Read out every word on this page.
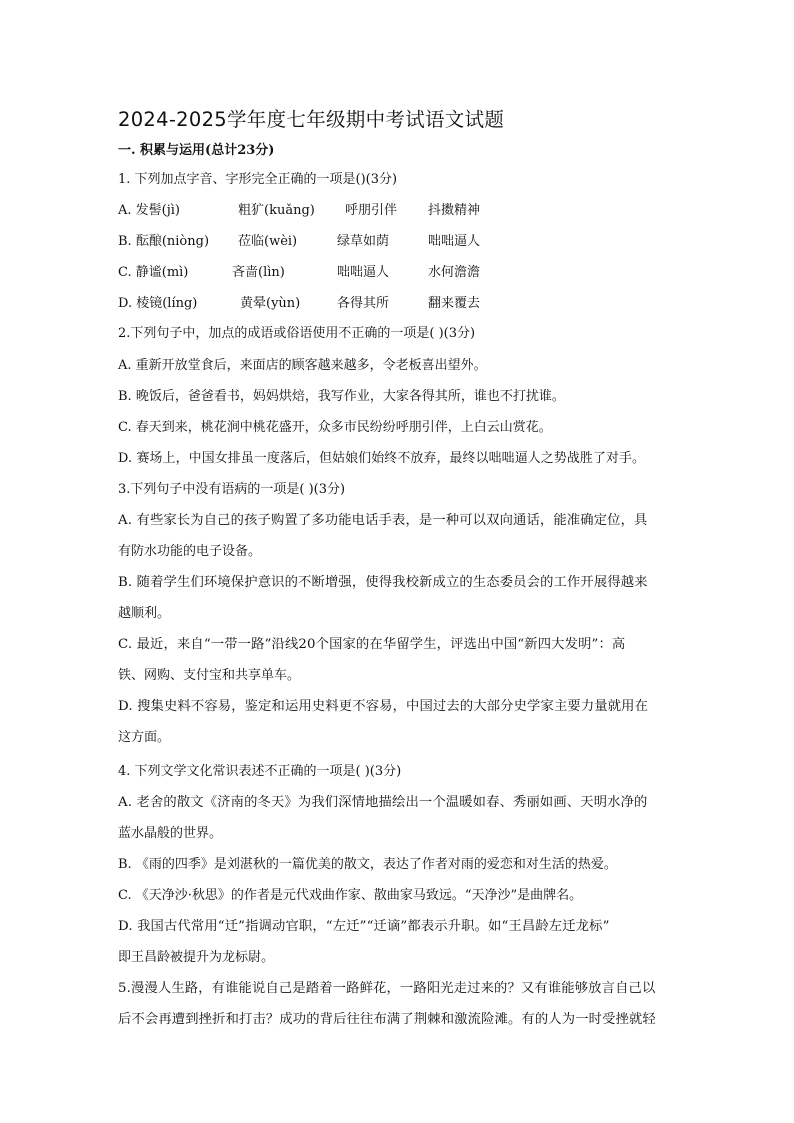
2024-2025学年度七年级期中考试语文试题
一. 积累与运用(总计23分)
1. 下列加点字音、字形完全正确的一项是()(3分)
A. 发髻(jì)	粗犷(kuǎng) 呼朋引伴 抖擞精神
B. 酝酿(niòng) 莅临(wèi)	绿草如荫	咄咄逼人
C. 静谧(mì)	吝啬(lìn)	咄咄逼人	水何澹澹
D. 棱镜(líng)	黄晕(yùn)	各得其所	翻来覆去
2.下列句子中，加点的成语或俗语使用不正确的一项是( )(3分)
A. 重新开放堂食后，来面店的顾客越来越多，令老板喜出望外。
B. 晚饭后，爸爸看书，妈妈烘焙，我写作业，大家各得其所，谁也不打扰谁。
C. 春天到来，桃花涧中桃花盛开，众多市民纷纷呼朋引伴，上白云山赏花。
D. 赛场上，中国女排虽一度落后，但姑娘们始终不放弃，最终以咄咄逼人之势战胜了对手。
3.下列句子中没有语病的一项是( )(3分)
A. 有些家长为自己的孩子购置了多功能电话手表，是一种可以双向通话，能准确定位，具
有防水功能的电子设备。
B. 随着学生们环境保护意识的不断增强，使得我校新成立的生态委员会的工作开展得越来
越顺利。
C. 最近，来自“一带一路”沿线20个国家的在华留学生，评选出中国“新四大发明”：高
铁、网购、支付宝和共享单车。
D. 搜集史料不容易，鉴定和运用史料更不容易，中国过去的大部分史学家主要力量就用在
这方面。
4. 下列文学文化常识表述不正确的一项是( )(3分)
A. 老舍的散文《济南的冬天》为我们深情地描绘出一个温暖如春、秀丽如画、天明水净的
蓝水晶般的世界。
B. 《雨的四季》是刘湛秋的一篇优美的散文，表达了作者对雨的爱恋和对生活的热爱。
C. 《天净沙·秋思》的作者是元代戏曲作家、散曲家马致远。“天净沙”是曲牌名。
D. 我国古代常用“迁”指调动官职，“左迁”“迁谪”都表示升职。如“王昌龄左迁龙标”
即王昌龄被提升为龙标尉。
5.漫漫人生路，有谁能说自己是踏着一路鲜花，一路阳光走过来的？又有谁能够放言自己以
后不会再遭到挫折和打击？成功的背后往往布满了荆棘和激流险滩。有的人为一时受挫就轻
